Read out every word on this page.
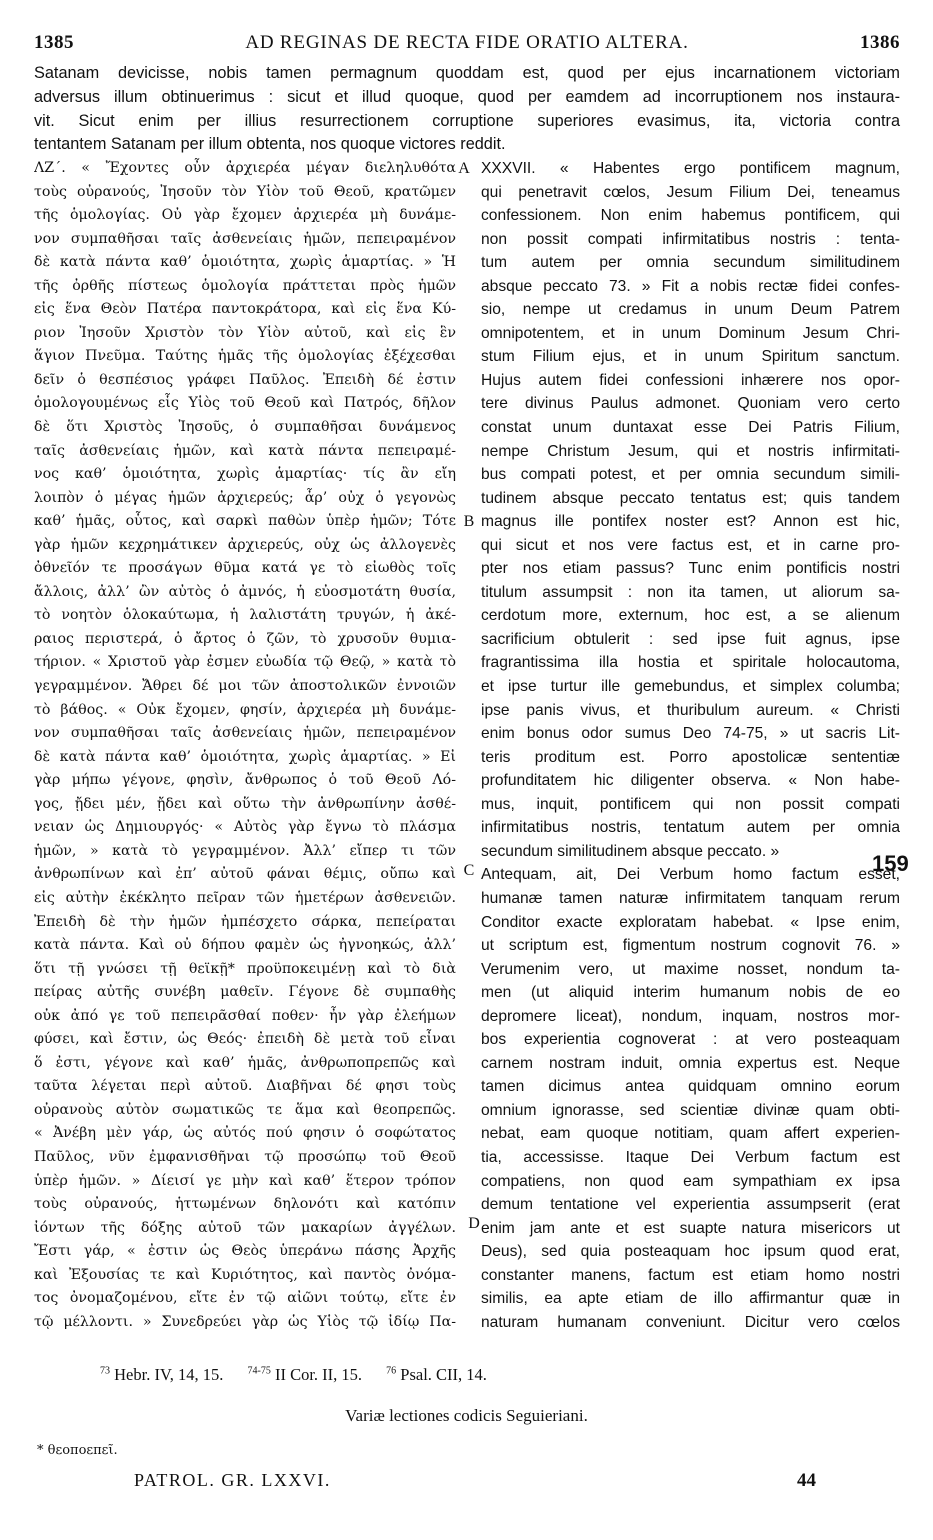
1385	AD REGINAS DE RECTA FIDE ORATIO ALTERA.	1386
Satanam devicisse, nobis tamen permagnum quoddam est, quod per ejus incarnationem victoriam
adversus illum obtinuerimus : sicut et illud quoque, quod per eamdem ad incorruptionem nos instaura-
vit. Sicut enim per illius resurrectionem corruptione superiores evasimus, ita, victoria contra
tentantem Satanam per illum obtenta, nos quoque victores reddit.
ΛΖ΄. « Ἔχοντες οὖν ἀρχιερέα μέγαν διεληλυθότα
τοὺς οὐρανούς, Ἰησοῦν τὸν Υἱὸν τοῦ Θεοῦ, κρατῶμεν
τῆς ὁμολογίας. Οὐ γὰρ ἔχομεν ἀρχιερέα μὴ δυνάμε-
νον συμπαθῆσαι ταῖς ἀσθενείαις ἡμῶν, πεπειραμένον
δὲ κατὰ πάντα καθ’ ὁμοιότητα, χωρὶς ἁμαρτίας. » Ἡ
τῆς ὀρθῆς πίστεως ὁμολογία πράττεται πρὸς ἡμῶν
εἰς ἕνα Θεὸν Πατέρα παντοκράτορα, καὶ εἰς ἕνα Κύ-
ριον Ἰησοῦν Χριστὸν τὸν Υἱὸν αὐτοῦ, καὶ εἰς ἓν
ἅγιον Πνεῦμα. Ταύτης ἡμᾶς τῆς ὁμολογίας ἐξέχεσθαι
δεῖν ὁ θεσπέσιος γράφει Παῦλος. Ἐπειδὴ δέ ἐστιν
ὁμολογουμένως εἷς Υἱὸς τοῦ Θεοῦ καὶ Πατρός, δῆλον
δὲ ὅτι Χριστὸς Ἰησοῦς, ὁ συμπαθῆσαι δυνάμενος
ταῖς ἀσθενείαις ἡμῶν, καὶ κατὰ πάντα πεπειραμέ-
νος καθ’ ὁμοιότητα, χωρὶς ἁμαρτίας· τίς ἂν εἴη
λοιπὸν ὁ μέγας ἡμῶν ἀρχιερεύς; ἆρ’ οὐχ ὁ γεγονὼς
καθ’ ἡμᾶς, οὗτος, καὶ σαρκὶ παθὼν ὑπὲρ ἡμῶν; Τότε
γὰρ ἡμῶν κεχρημάτικεν ἀρχιερεύς, οὐχ ὡς ἀλλογενὲς
ὀθνεῖόν τε προσάγων θῦμα κατά γε τὸ εἰωθὸς τοῖς
ἄλλοις, ἀλλ’ ὢν αὐτὸς ὁ ἀμνός, ἡ εὐοσμοτάτη θυσία,
τὸ νοητὸν ὁλοκαύτωμα, ἡ λαλιστάτη τρυγών, ἡ ἀκέ-
ραιος περιστερά, ὁ ἄρτος ὁ ζῶν, τὸ χρυσοῦν θυμια-
τήριον. « Χριστοῦ γὰρ ἐσμεν εὐωδία τῷ Θεῷ, » κατὰ τὸ
γεγραμμένον. Ἄθρει δέ μοι τῶν ἀποστολικῶν ἐννοιῶν
τὸ βάθος. « Οὐκ ἔχομεν, φησίν, ἀρχιερέα μὴ δυνάμε-
νον συμπαθῆσαι ταῖς ἀσθενείαις ἡμῶν, πεπειραμένον
δὲ κατὰ πάντα καθ’ ὁμοιότητα, χωρὶς ἁμαρτίας. » Εἰ
γὰρ μήπω γέγονε, φησὶν, ἄνθρωπος ὁ τοῦ Θεοῦ Λό-
γος, ᾔδει μέν, ᾔδει καὶ οὕτω τὴν ἀνθρωπίνην ἀσθέ-
νειαν ὡς Δημιουργός· « Αὐτὸς γὰρ ἔγνω τὸ πλάσμα
ἡμῶν, » κατὰ τὸ γεγραμμένον. Ἀλλ’ εἴπερ τι τῶν
ἀνθρωπίνων καὶ ἐπ’ αὐτοῦ φάναι θέμις, οὔπω καὶ
εἰς αὐτὴν ἐκέκλητο πεῖραν τῶν ἡμετέρων ἀσθενειῶν.
Ἐπειδὴ δὲ τὴν ἡμῶν ἠμπέσχετο σάρκα, πεπείραται
κατὰ πάντα. Καὶ οὐ δήπου φαμὲν ὡς ἠγνοηκώς, ἀλλ’
ὅτι τῇ γνώσει τῇ θεϊκῇ* προϋποκειμένῃ καὶ τὸ διὰ
πείρας αὐτῆς συνέβη μαθεῖν. Γέγονε δὲ συμπαθὴς
οὐκ ἀπό γε τοῦ πεπειρᾶσθαί ποθεν· ἦν γὰρ ἐλεήμων
φύσει, καὶ ἔστιν, ὡς Θεός· ἐπειδὴ δὲ μετὰ τοῦ εἶναι
ὅ ἐστι, γέγονε καὶ καθ’ ἡμᾶς, ἀνθρωποπρεπῶς καὶ
ταῦτα λέγεται περὶ αὐτοῦ. Διαβῆναι δέ φησι τοὺς
οὐρανοὺς αὐτὸν σωματικῶς τε ἅμα καὶ θεοπρεπῶς.
« Ἀνέβη μὲν γάρ, ὡς αὐτός πού φησιν ὁ σοφώτατος
Παῦλος, νῦν ἐμφανισθῆναι τῷ προσώπῳ τοῦ Θεοῦ
ὑπὲρ ἡμῶν. » Δίεισί γε μὴν καὶ καθ’ ἕτερον τρόπον
τοὺς οὐρανούς, ἡττωμένων δηλονότι καὶ κατόπιν
ἰόντων τῆς δόξης αὐτοῦ τῶν μακαρίων ἀγγέλων.
Ἔστι γάρ, « ἐστιν ὡς Θεὸς ὑπεράνω πάσης Ἀρχῆς
καὶ Ἐξουσίας τε καὶ Κυριότητος, καὶ παντὸς ὀνόμα-
τος ὀνομαζομένου, εἴτε ἐν τῷ αἰῶνι τούτῳ, εἴτε ἐν
τῷ μέλλοντι. » Συνεδρεύει γὰρ ὡς Υἱὸς τῷ ἰδίῳ Πα-
XXXVII. « Habentes ergo pontificem magnum,
qui penetravit cœlos, Jesum Filium Dei, teneamus
confessionem. Non enim habemus pontificem, qui
non possit compati infirmitatibus nostris : tenta-
tum autem per omnia secundum similitudinem
absque peccato 73. » Fit a nobis rectæ fidei confes-
sio, nempe ut credamus in unum Deum Patrem
omnipotentem, et in unum Dominum Jesum Chri-
stum Filium ejus, et in unum Spiritum sanctum.
Hujus autem fidei confessioni inhærere nos opor-
tere divinus Paulus admonet. Quoniam vero certo
constat unum duntaxat esse Dei Patris Filium,
nempe Christum Jesum, qui et nostris infirmitati-
bus compati potest, et per omnia secundum simili-
tudinem absque peccato tentatus est; quis tandem
magnus ille pontifex noster est? Annon est hic,
qui sicut et nos vere factus est, et in carne pro-
pter nos etiam passus? Tunc enim pontificis nostri
titulum assumpsit : non ita tamen, ut aliorum sa-
cerdotum more, externum, hoc est, a se alienum
sacrificium obtulerit : sed ipse fuit agnus, ipse
fragrantissima illa hostia et spiritale holocautoma,
et ipse turtur ille gemebundus, et simplex columba;
ipse panis vivus, et thuribulum aureum. « Christi
enim bonus odor sumus Deo 74-75, » ut sacris Lit-
teris proditum est. Porro apostolicæ sententiæ
profunditatem hic diligenter observa. « Non habe-
mus, inquit, pontificem qui non possit compati
infirmitatibus nostris, tentatum autem per omnia
secundum similitudinem absque peccato. »
Antequam, ait, Dei Verbum homo factum esset,
humanæ tamen naturæ infirmitatem tanquam rerum
Conditor exacte exploratam habebat. « Ipse enim,
ut scriptum est, figmentum nostrum cognovit 76. »
Verumenim vero, ut maxime nosset, nondum ta-
men (ut aliquid interim humanum nobis de eo
depromere liceat), nondum, inquam, nostros mor-
bos experientia cognoverat : at vero posteaquam
carnem nostram induit, omnia expertus est. Neque
tamen dicimus antea quidquam omnino eorum
omnium ignorasse, sed scientiæ divinæ quam obti-
nebat, eam quoque notitiam, quam affert experien-
tia, accessisse. Itaque Dei Verbum factum est
compatiens, non quod eam sympathiam ex ipsa
demum tentatione vel experientia assumpserit (erat
enim jam ante et est suapte natura misericors ut
Deus), sed quia posteaquam hoc ipsum quod erat,
constanter manens, factum est etiam homo nostri
similis, ea apte etiam de illo affirmantur quæ in
naturam humanam conveniunt. Dicitur vero cœlos
A
B
C
D
159
$^{73}$ Hebr. IV, 14, 15. $^{74-75}$ II Cor. II, 15. $^{76}$ Psal. CII, 14.
Variæ lectiones codicis Seguieriani.
* θεοποεπεῖ.
PATROL. GR. LXXVI.	44
